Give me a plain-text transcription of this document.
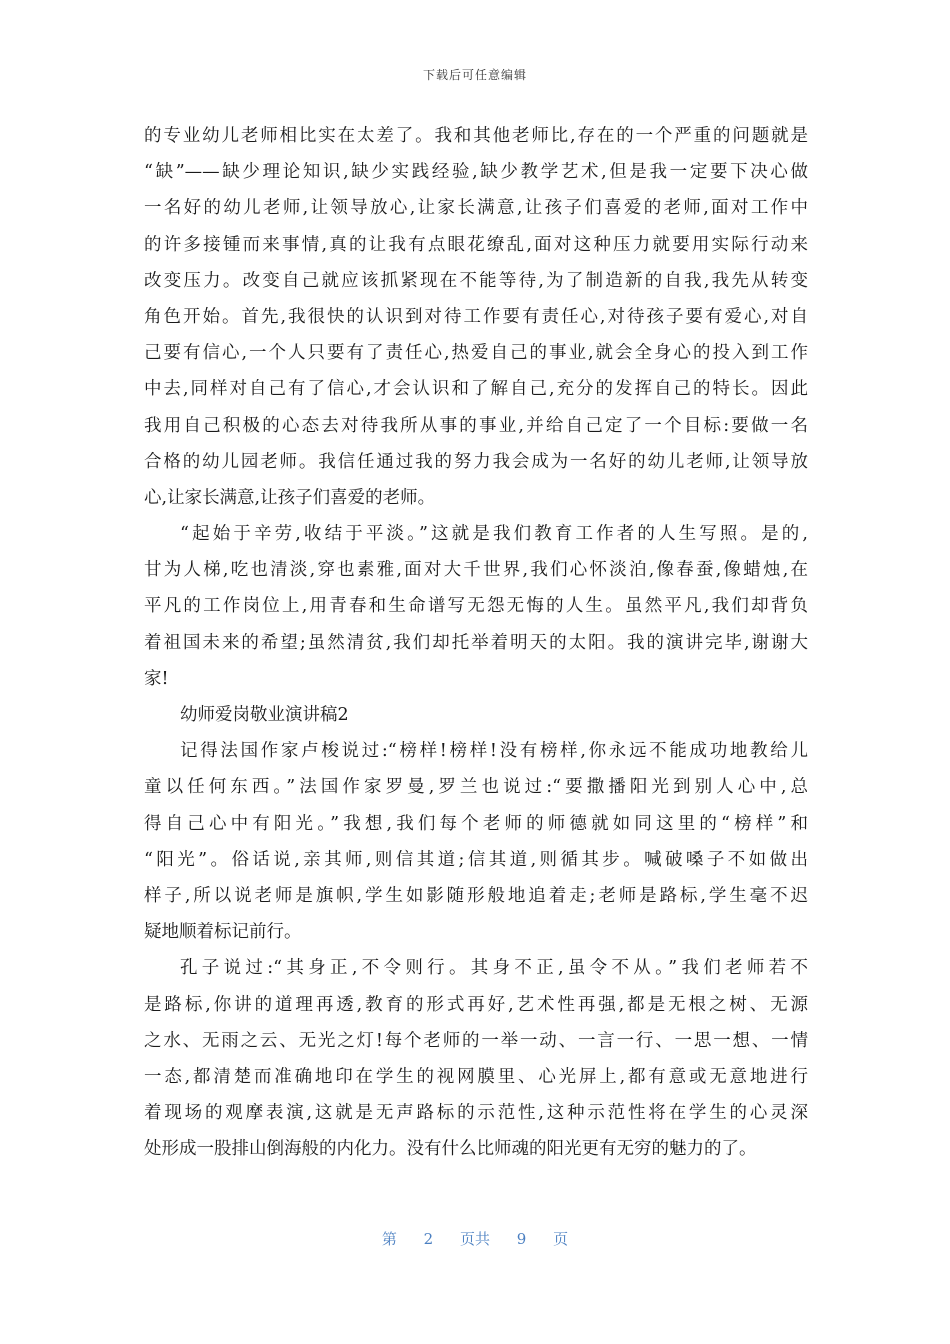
下载后可任意编辑
的专业幼儿老师相比实在太差了。我和其他老师比,存在的一个严重的问题就是
“缺”——缺少理论知识,缺少实践经验,缺少教学艺术,但是我一定要下决心做
一名好的幼儿老师,让领导放心,让家长满意,让孩子们喜爱的老师,面对工作中
的许多接锺而来事情,真的让我有点眼花缭乱,面对这种压力就要用实际行动来
改变压力。改变自己就应该抓紧现在不能等待,为了制造新的自我,我先从转变
角色开始。首先,我很快的认识到对待工作要有责任心,对待孩子要有爱心,对自
己要有信心,一个人只要有了责任心,热爱自己的事业,就会全身心的投入到工作
中去,同样对自己有了信心,才会认识和了解自己,充分的发挥自己的特长。因此
我用自己积极的心态去对待我所从事的事业,并给自己定了一个目标:要做一名
合格的幼儿园老师。我信任通过我的努力我会成为一名好的幼儿老师,让领导放
心,让家长满意,让孩子们喜爱的老师。
“起始于辛劳,收结于平淡。”这就是我们教育工作者的人生写照。是的,
甘为人梯,吃也清淡,穿也素雅,面对大千世界,我们心怀淡泊,像春蚕,像蜡烛,在
平凡的工作岗位上,用青春和生命谱写无怨无悔的人生。虽然平凡,我们却背负
着祖国未来的希望;虽然清贫,我们却托举着明天的太阳。我的演讲完毕,谢谢大
家!
幼师爱岗敬业演讲稿2
记得法国作家卢梭说过:“榜样!榜样!没有榜样,你永远不能成功地教给儿
童以任何东西。”法国作家罗曼,罗兰也说过:“要撒播阳光到别人心中,总
得自己心中有阳光。”我想,我们每个老师的师德就如同这里的“榜样”和
“阳光”。俗话说,亲其师,则信其道;信其道,则循其步。喊破嗓子不如做出
样子,所以说老师是旗帜,学生如影随形般地追着走;老师是路标,学生毫不迟
疑地顺着标记前行。
孔子说过:“其身正,不令则行。其身不正,虽令不从。”我们老师若不
是路标,你讲的道理再透,教育的形式再好,艺术性再强,都是无根之树、无源
之水、无雨之云、无光之灯!每个老师的一举一动、一言一行、一思一想、一情
一态,都清楚而准确地印在学生的视网膜里、心光屏上,都有意或无意地进行
着现场的观摩表演,这就是无声路标的示范性,这种示范性将在学生的心灵深
处形成一股排山倒海般的内化力。没有什么比师魂的阳光更有无穷的魅力的了。
第 2 页共 9 页
